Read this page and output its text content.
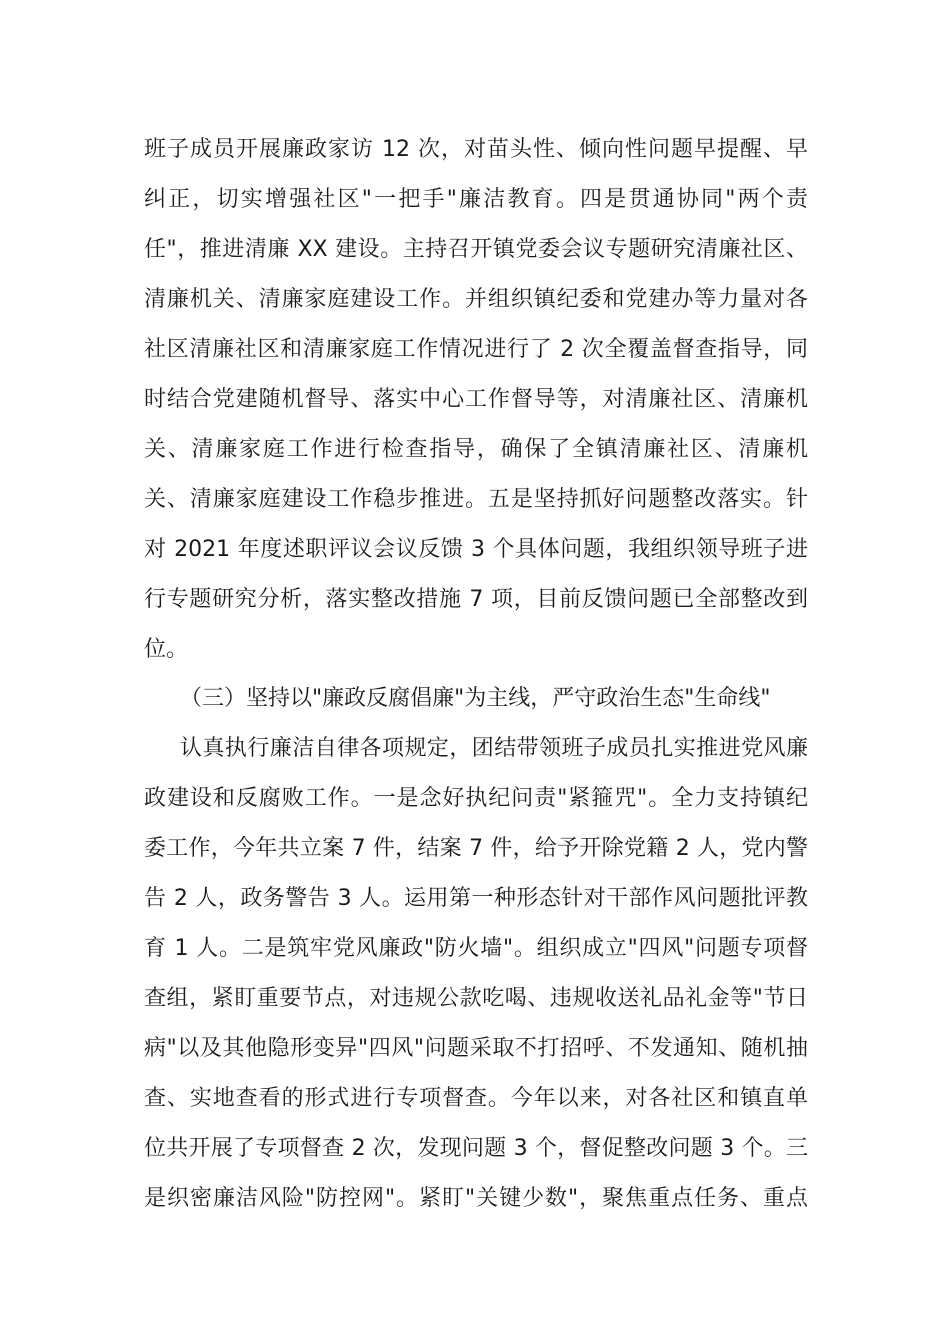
班子成员开展廉政家访 12 次，对苗头性、倾向性问题早提醒、早
纠正，切实增强社区"一把手"廉洁教育。四是贯通协同"两个责
任"，推进清廉 XX 建设。主持召开镇党委会议专题研究清廉社区、
清廉机关、清廉家庭建设工作。并组织镇纪委和党建办等力量对各
社区清廉社区和清廉家庭工作情况进行了 2 次全覆盖督查指导，同
时结合党建随机督导、落实中心工作督导等，对清廉社区、清廉机
关、清廉家庭工作进行检查指导，确保了全镇清廉社区、清廉机
关、清廉家庭建设工作稳步推进。五是坚持抓好问题整改落实。针
对 2021 年度述职评议会议反馈 3 个具体问题，我组织领导班子进
行专题研究分析，落实整改措施 7 项，目前反馈问题已全部整改到
位。
（三）坚持以"廉政反腐倡廉"为主线，严守政治生态"生命线"
认真执行廉洁自律各项规定，团结带领班子成员扎实推进党风廉
政建设和反腐败工作。一是念好执纪问责"紧箍咒"。全力支持镇纪
委工作，今年共立案 7 件，结案 7 件，给予开除党籍 2 人，党内警
告 2 人，政务警告 3 人。运用第一种形态针对干部作风问题批评教
育 1 人。二是筑牢党风廉政"防火墙"。组织成立"四风"问题专项督
查组，紧盯重要节点，对违规公款吃喝、违规收送礼品礼金等"节日
病"以及其他隐形变异"四风"问题采取不打招呼、不发通知、随机抽
查、实地查看的形式进行专项督查。今年以来，对各社区和镇直单
位共开展了专项督查 2 次，发现问题 3 个，督促整改问题 3 个。三
是织密廉洁风险"防控网"。紧盯"关键少数"，聚焦重点任务、重点
